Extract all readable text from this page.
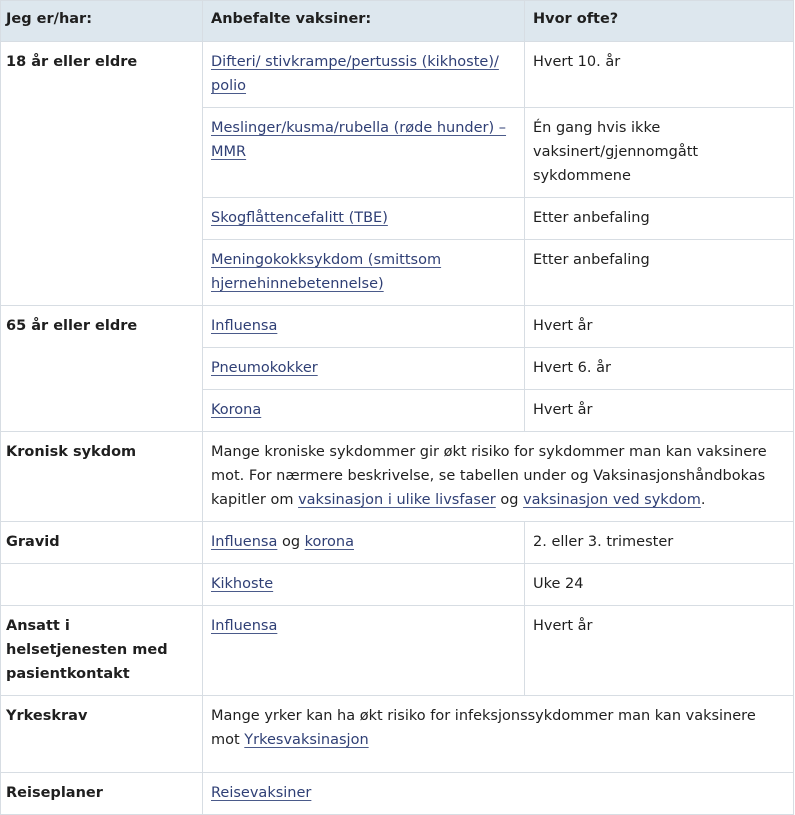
Jeg er/har:	Anbefalte vaksiner:	Hvor ofte?
18 år eller eldre	Difteri/ stivkrampe/pertussis (kikhoste)/ polio	Hvert 10. år
	Meslinger/kusma/rubella (røde hunder) – MMR	Én gang hvis ikke vaksinert/gjennomgått sykdommene
	Skogflåttencefalitt (TBE)	Etter anbefaling
	Meningokokksykdom (smittsom hjernehinnebetennelse)	Etter anbefaling
65 år eller eldre	Influensa	Hvert år
	Pneumokokker	Hvert 6. år
	Korona	Hvert år
Kronisk sykdom	Mange kroniske sykdommer gir økt risiko for sykdommer man kan vaksinere mot. For nærmere beskrivelse, se tabellen under og Vaksinasjonshåndbokas kapitler om vaksinasjon i ulike livsfaser og vaksinasjon ved sykdom.	
Gravid	Influensa og korona	2. eller 3. trimester
	Kikhoste	Uke 24
Ansatt i helsetjenesten med pasientkontakt	Influensa	Hvert år
Yrkeskrav	Mange yrker kan ha økt risiko for infeksjonssykdommer man kan vaksinere mot Yrkesvaksinasjon	
Reiseplaner	Reisevaksiner	
